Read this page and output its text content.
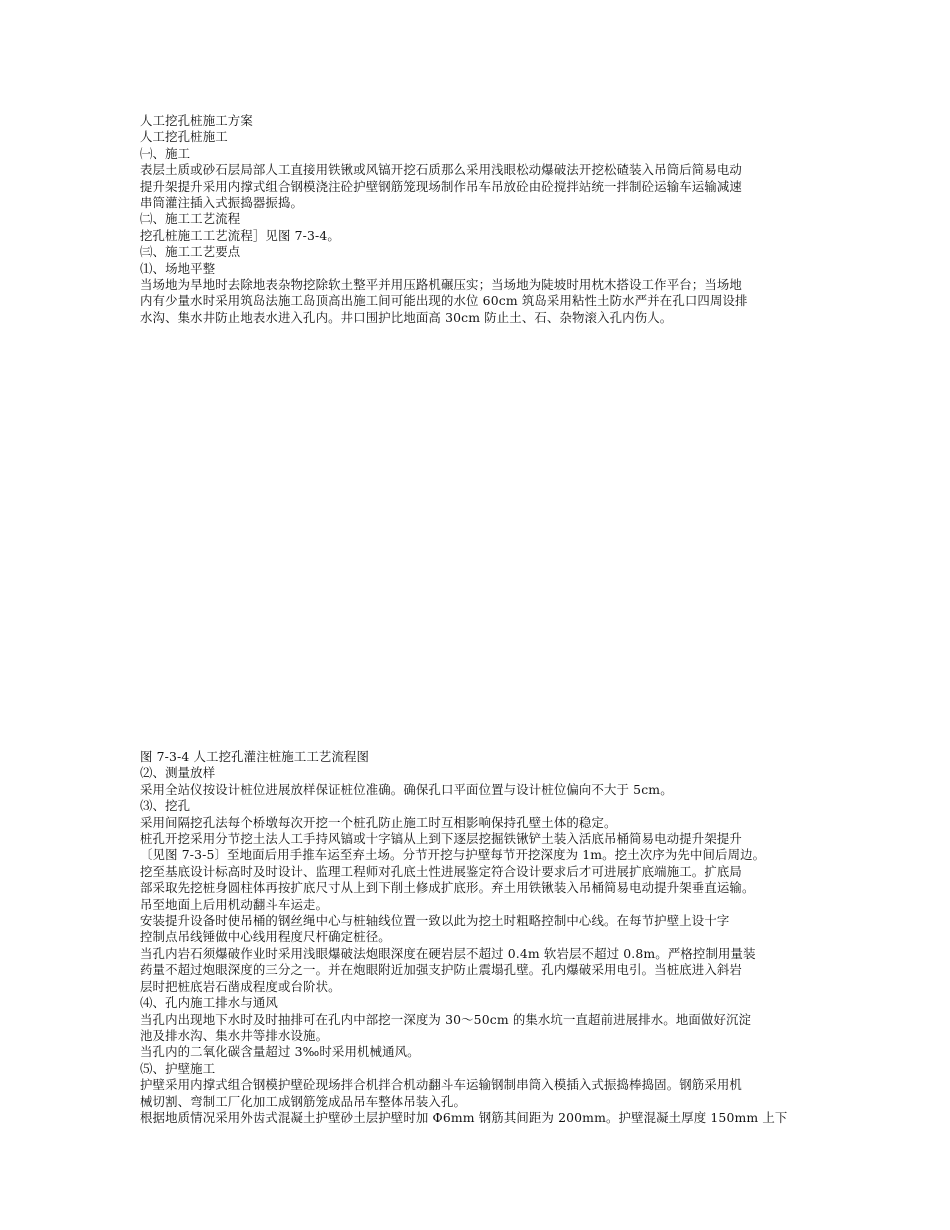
人工挖孔桩施工方案
人工挖孔桩施工
㈠、施工
表层土质或砂石层局部人工直接用铁锹或风镐开挖石质那么采用浅眼松动爆破法开挖松碴装入吊筒后简易电动
提升架提升采用内撑式组合钢模浇注砼护壁钢筋笼现场制作吊车吊放砼由砼搅拌站统一拌制砼运输车运输减速
串筒灌注插入式振捣器振捣。
㈡、施工工艺流程
挖孔桩施工工艺流程］见图 7-3-4。
㈢、施工工艺要点
⑴、场地平整
当场地为旱地时去除地表杂物挖除软土整平并用压路机碾压实；当场地为陡坡时用枕木搭设工作平台；当场地
内有少量水时采用筑岛法施工岛顶高出施工间可能出现的水位 60cm 筑岛采用粘性土防水严并在孔口四周设排
水沟、集水井防止地表水进入孔内。井口围护比地面高 30cm 防止土、石、杂物滚入孔内伤人。
图 7-3-4 人工挖孔灌注桩施工工艺流程图
⑵、测量放样
采用全站仪按设计桩位进展放样保证桩位准确。确保孔口平面位置与设计桩位偏向不大于 5cm。
⑶、挖孔
采用间隔挖孔法每个桥墩每次开挖一个桩孔防止施工时互相影响保持孔壁土体的稳定。
桩孔开挖采用分节挖土法人工手持风镐或十字镐从上到下逐层挖掘铁锹铲土装入活底吊桶简易电动提升架提升
〔见图 7-3-5〕至地面后用手推车运至弃土场。分节开挖与护壁每节开挖深度为 1m。挖土次序为先中间后周边。
挖至基底设计标高时及时设计、监理工程师对孔底土性进展鉴定符合设计要求后才可进展扩底端施工。扩底局
部采取先挖桩身圆柱体再按扩底尺寸从上到下削土修成扩底形。弃土用铁锹装入吊桶简易电动提升架垂直运输。
吊至地面上后用机动翻斗车运走。
安装提升设备时使吊桶的钢丝绳中心与桩轴线位置一致以此为挖土时粗略控制中心线。在每节护壁上设十字
控制点吊线锤做中心线用程度尺杆确定桩径。
当孔内岩石须爆破作业时采用浅眼爆破法炮眼深度在硬岩层不超过 0.4m 软岩层不超过 0.8m。严格控制用量装
药量不超过炮眼深度的三分之一。并在炮眼附近加强支护防止震塌孔壁。孔内爆破采用电引。当桩底进入斜岩
层时把桩底岩石凿成程度或台阶状。
⑷、孔内施工排水与通风
当孔内出现地下水时及时抽排可在孔内中部挖一深度为 30～50cm 的集水坑一直超前进展排水。地面做好沉淀
池及排水沟、集水井等排水设施。
当孔内的二氧化碳含量超过 3‰时采用机械通风。
⑸、护壁施工
护壁采用内撑式组合钢模护壁砼现场拌合机拌合机动翻斗车运输钢制串筒入模插入式振捣棒捣固。钢筋采用机
械切割、弯制工厂化加工成钢筋笼成品吊车整体吊装入孔。
根据地质情况采用外齿式混凝土护壁砂土层护壁时加 Φ6mm 钢筋其间距为 200mm。护壁混凝土厚度 150mm 上下
